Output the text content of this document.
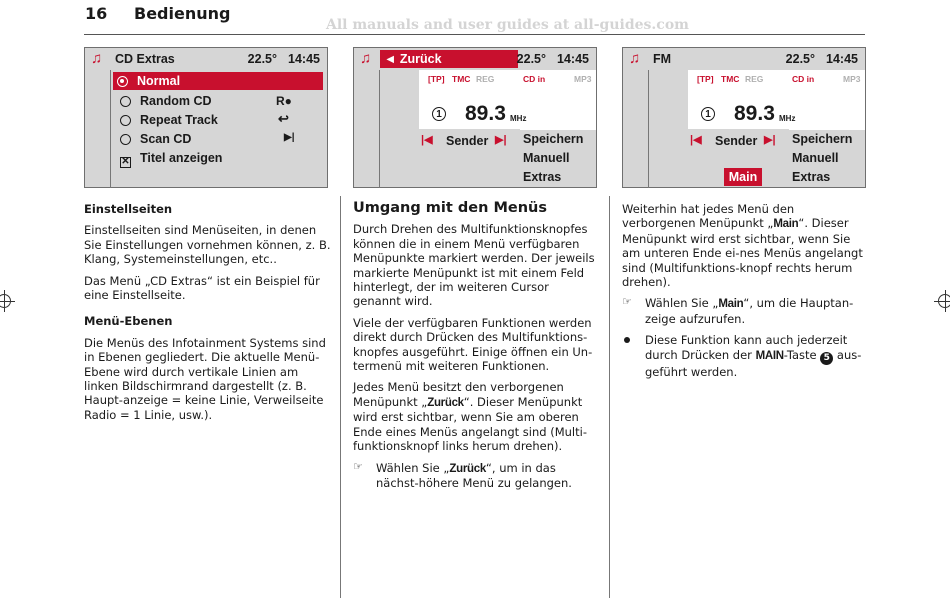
16 Bedienung
All manuals and user guides at all-guides.com
♫ CD Extras	22.5° 14:45
Normal
Random CD
Repeat Track
Scan CD
✕ Titel anzeigen
R●
↩
▶|
♫	◄ Zurück	22.5° 14:45
[TP] TMC REG	CD in	MP3
1 89.3 MHz
|◀ Sender ▶| Speichern
Manuell
Extras
♫ FM	22.5° 14:45
[TP] TMC REG	CD in	MP3
1 89.3 MHz
|◀ Sender ▶| Speichern
Manuell
Main	Extras

Einstellseiten

Einstellseiten sind Menüseiten, in denen Sie Einstellungen vornehmen können, z. B. Klang, Systemeinstellungen, etc..

Das Menü „CD Extras“ ist ein Beispiel für eine Einstellseite.

Menü-Ebenen

Die Menüs des Infotainment Systems sind in Ebenen gegliedert. Die aktuelle Menü-Ebene wird durch vertikale Linien am linken Bildschirmrand dargestellt (z. B. Haupt-anzeige = keine Linie, Verweilseite Radio = 1 Linie, usw.).

Umgang mit den Menüs

Durch Drehen des Multifunktionsknopfes können die in einem Menü verfügbaren Menüpunkte markiert werden. Der jeweils markierte Menüpunkt ist mit einem Feld hinterlegt, der im weiteren Cursor genannt wird.

Viele der verfügbaren Funktionen werden direkt durch Drücken des Multifunktions-knopfes ausgeführt. Einige öffnen ein Un-termenü mit weiteren Funktionen.

Jedes Menü besitzt den verborgenen Menüpunkt „Zurück“. Dieser Menüpunkt wird erst sichtbar, wenn Sie am oberen Ende eines Menüs angelangt sind (Multi-funktionsknopf links herum drehen).

☞ Wählen Sie „Zurück“, um in das nächst-höhere Menü zu gelangen.

Weiterhin hat jedes Menü den verborgenen Menüpunkt „Main“. Dieser Menüpunkt wird erst sichtbar, wenn Sie am unteren Ende ei-nes Menüs angelangt sind (Multifunktions-knopf rechts herum drehen).

☞ Wählen Sie „Main“, um die Hauptan-zeige aufzurufen.
Diese Funktion kann auch jederzeit durch Drücken der MAIN-Taste 5 aus-geführt werden.
